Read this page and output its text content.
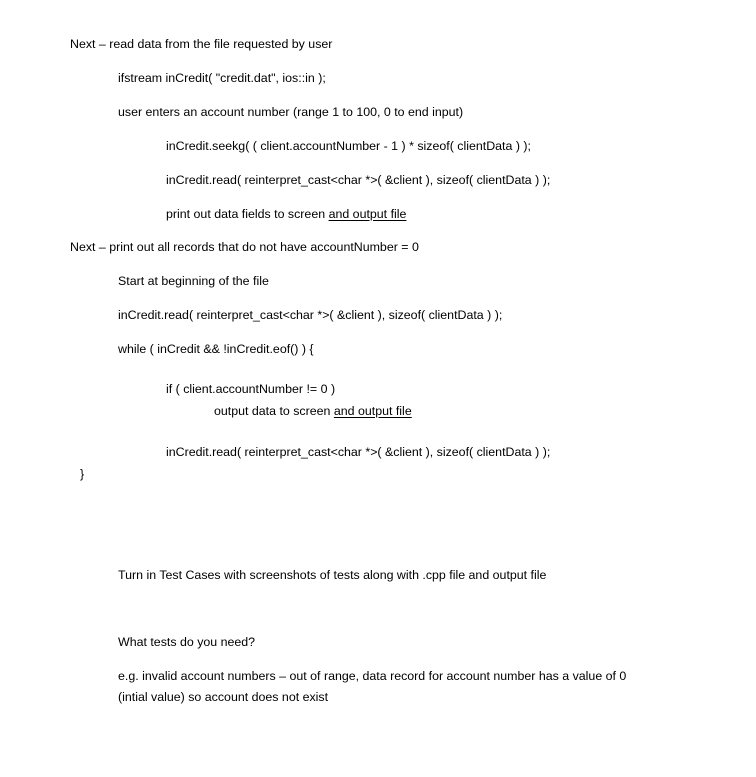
Next – read data from the file requested by user
ifstream inCredit( "credit.dat", ios::in );
user enters an account number (range 1 to 100, 0 to end input)
inCredit.seekg( ( client.accountNumber - 1 ) * sizeof( clientData ) );
inCredit.read( reinterpret_cast<char *>( &client ), sizeof( clientData ) );
print out data fields to screen and output file
Next – print out all records that do not have accountNumber = 0
Start at beginning of the file
inCredit.read( reinterpret_cast<char *>( &client ), sizeof( clientData ) );
while ( inCredit && !inCredit.eof() ) {
if ( client.accountNumber != 0 )
output data to screen and output file
inCredit.read( reinterpret_cast<char *>( &client ), sizeof( clientData ) );
}
Turn in Test Cases with screenshots of tests along with .cpp file and output file
What tests do you need?
e.g. invalid account numbers – out of range, data record for account number has a value of 0
(intial value) so account does not exist
